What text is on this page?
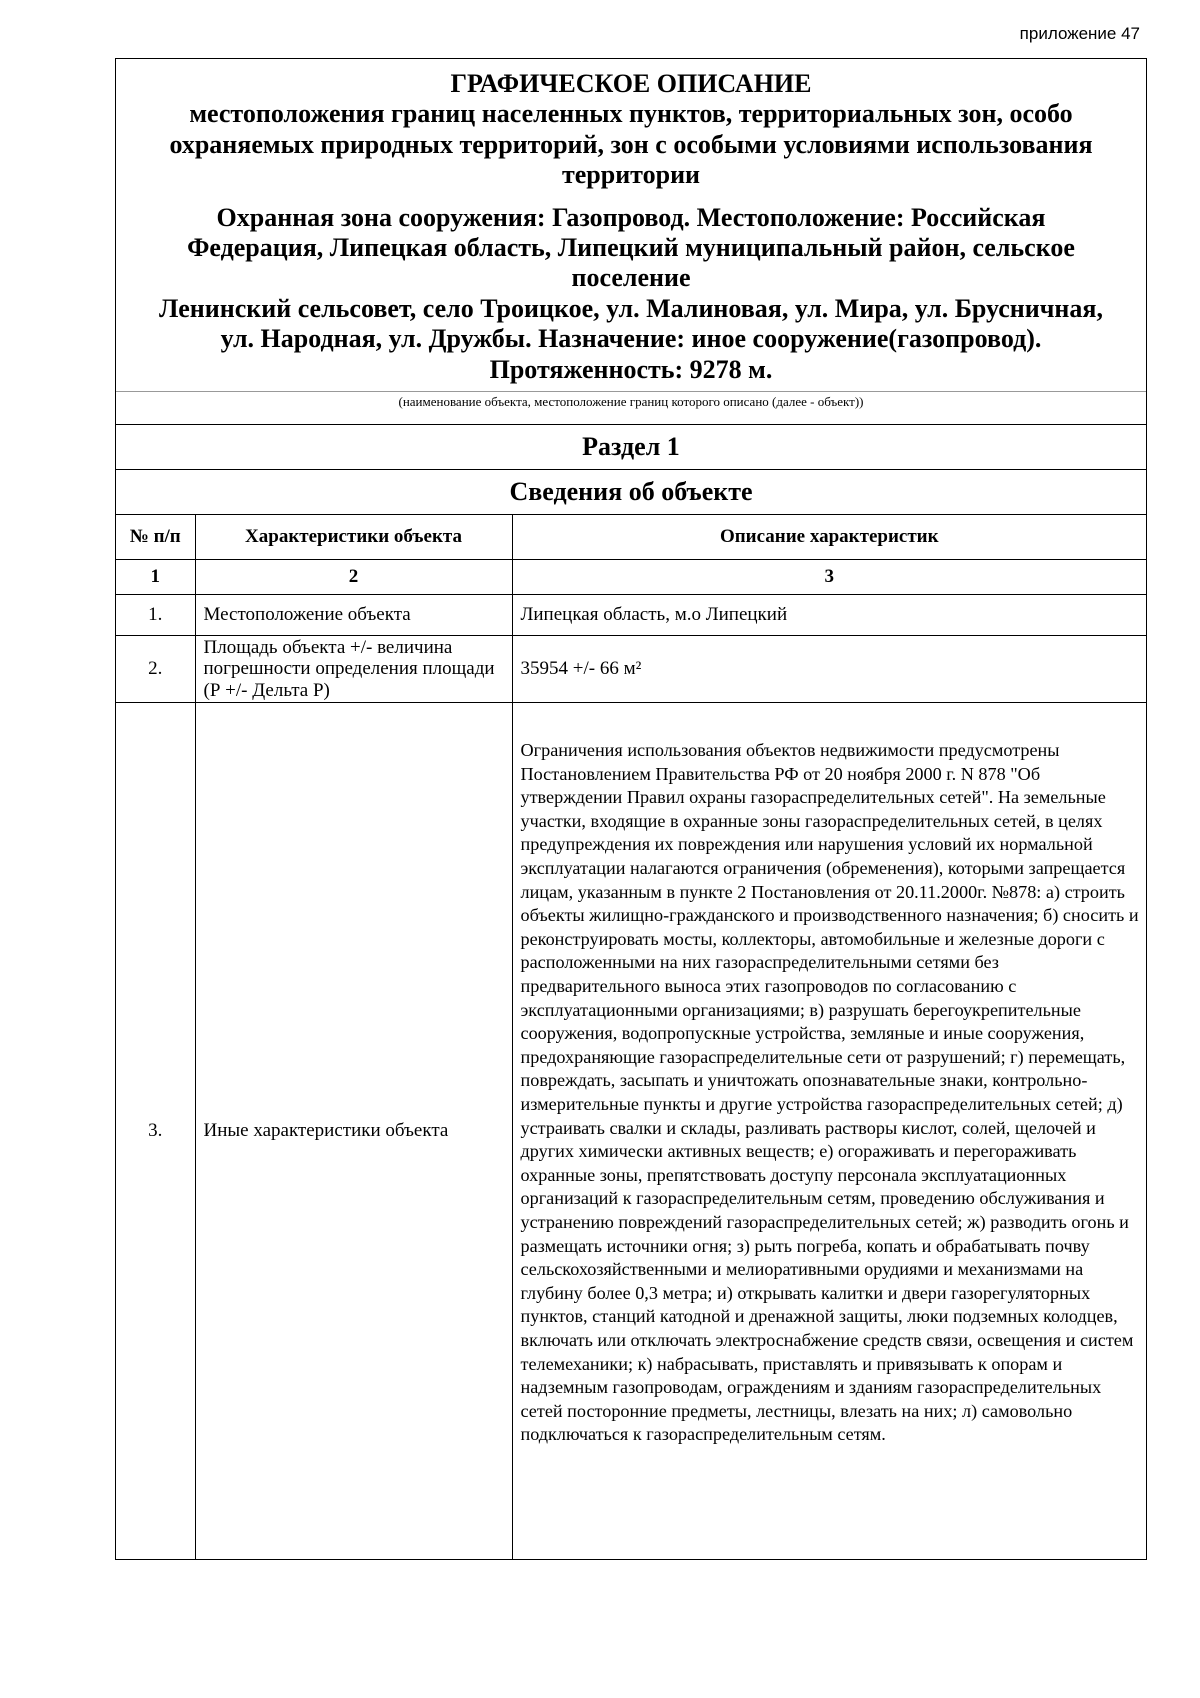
приложение 47
ГРАФИЧЕСКОЕ ОПИСАНИЕ
местоположения границ населенных пунктов, территориальных зон, особо охраняемых природных территорий, зон с особыми условиями использования территории
Охранная зона сооружения: Газопровод. Местоположение: Российская Федерация, Липецкая область, Липецкий муниципальный район, сельское поселение
Ленинский сельсовет, село Троицкое, ул. Малиновая, ул. Мира, ул. Брусничная, ул. Народная, ул. Дружбы. Назначение: иное сооружение(газопровод). Протяженность: 9278 м.
(наименование объекта, местоположение границ которого описано (далее - объект))
Раздел 1
Сведения об объекте
№ п/п	Характеристики объекта	Описание характеристик
1	2	3
1.	Местоположение объекта	Липецкая область, м.о Липецкий
2.	Площадь объекта +/- величина погрешности определения площади (Р +/- Дельта Р)	35954 +/- 66 м²
3.	Иные характеристики объекта	Ограничения использования объектов недвижимости предусмотрены Постановлением Правительства РФ от 20 ноября 2000 г. N 878 "Об утверждении Правил охраны газораспределительных сетей". На земельные участки, входящие в охранные зоны газораспределительных сетей, в целях предупреждения их повреждения или нарушения условий их нормальной эксплуатации налагаются ограничения (обременения), которыми запрещается лицам, указанным в пункте 2 Постановления от 20.11.2000г. №878: а) строить объекты жилищно-гражданского и производственного назначения; б) сносить и реконструировать мосты, коллекторы, автомобильные и железные дороги с расположенными на них газораспределительными сетями без предварительного выноса этих газопроводов по согласованию с эксплуатационными организациями; в) разрушать берегоукрепительные сооружения, водопропускные устройства, земляные и иные сооружения, предохраняющие газораспределительные сети от разрушений; г) перемещать, повреждать, засыпать и уничтожать опознавательные знаки, контрольно-измерительные пункты и другие устройства газораспределительных сетей; д) устраивать свалки и склады, разливать растворы кислот, солей, щелочей и других химически активных веществ; е) огораживать и перегораживать охранные зоны, препятствовать доступу персонала эксплуатационных организаций к газораспределительным сетям, проведению обслуживания и устранению повреждений газораспределительных сетей; ж) разводить огонь и размещать источники огня; з) рыть погреба, копать и обрабатывать почву сельскохозяйственными и мелиоративными орудиями и механизмами на глубину более 0,3 метра; и) открывать калитки и двери газорегуляторных пунктов, станций катодной и дренажной защиты, люки подземных колодцев, включать или отключать электроснабжение средств связи, освещения и систем телемеханики; к) набрасывать, приставлять и привязывать к опорам и надземным газопроводам, ограждениям и зданиям газораспределительных сетей посторонние предметы, лестницы, влезать на них; л) самовольно подключаться к газораспределительным сетям.
